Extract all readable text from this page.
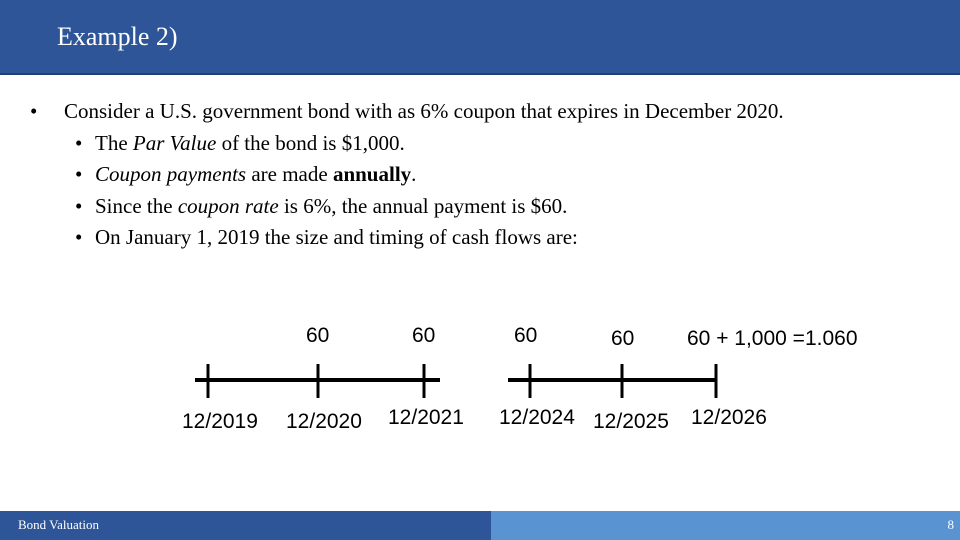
Example 2)
• Consider a U.S. government bond with as 6% coupon that expires in December 2020.
• The Par Value of the bond is $1,000.
• Coupon payments are made annually.
• Since the coupon rate is 6%, the annual payment is $60.
• On January 1, 2019 the size and timing of cash flows are:
60	60	60	60	60 + 1,000 =1.060
12/2019 12/2020 12/2021 12/2024 12/2025 12/2026
Bond Valuation	8
